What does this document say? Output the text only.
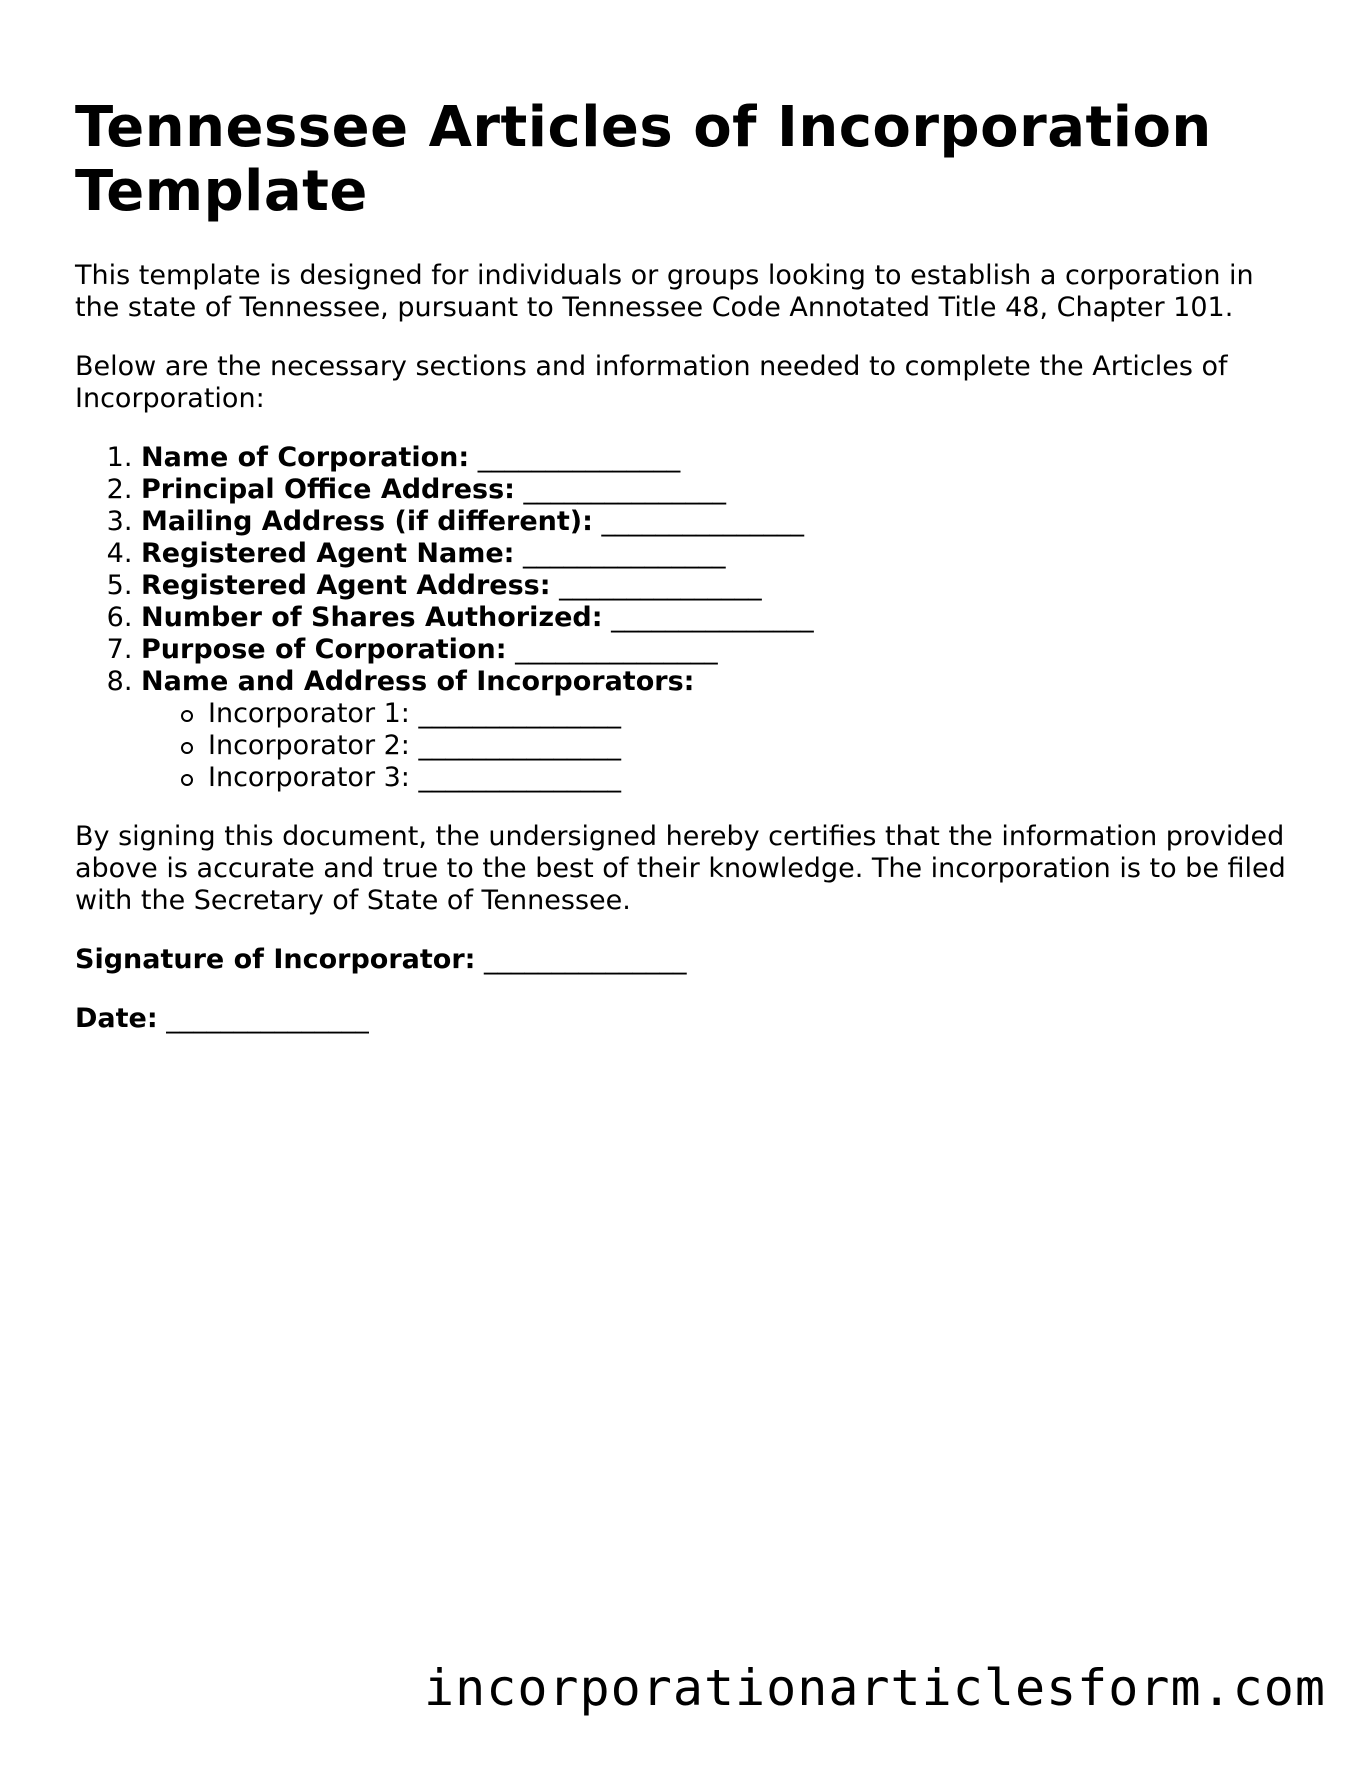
Tennessee Articles of Incorporation Template

This template is designed for individuals or groups looking to establish a corporation in the state of Tennessee, pursuant to Tennessee Code Annotated Title 48, Chapter 101.

Below are the necessary sections and information needed to complete the Articles of Incorporation:

1. Name of Corporation: _______________
2. Principal Office Address: _______________
3. Mailing Address (if different): _______________
4. Registered Agent Name: _______________
5. Registered Agent Address: _______________
6. Number of Shares Authorized: _______________
7. Purpose of Corporation: _______________
8. Name and Address of Incorporators:
Incorporator 1: _______________
Incorporator 2: _______________
Incorporator 3: _______________

By signing this document, the undersigned hereby certifies that the information provided above is accurate and true to the best of their knowledge. The incorporation is to be filed with the Secretary of State of Tennessee.

Signature of Incorporator: _______________

Date: _______________

incorporationarticlesform.com
